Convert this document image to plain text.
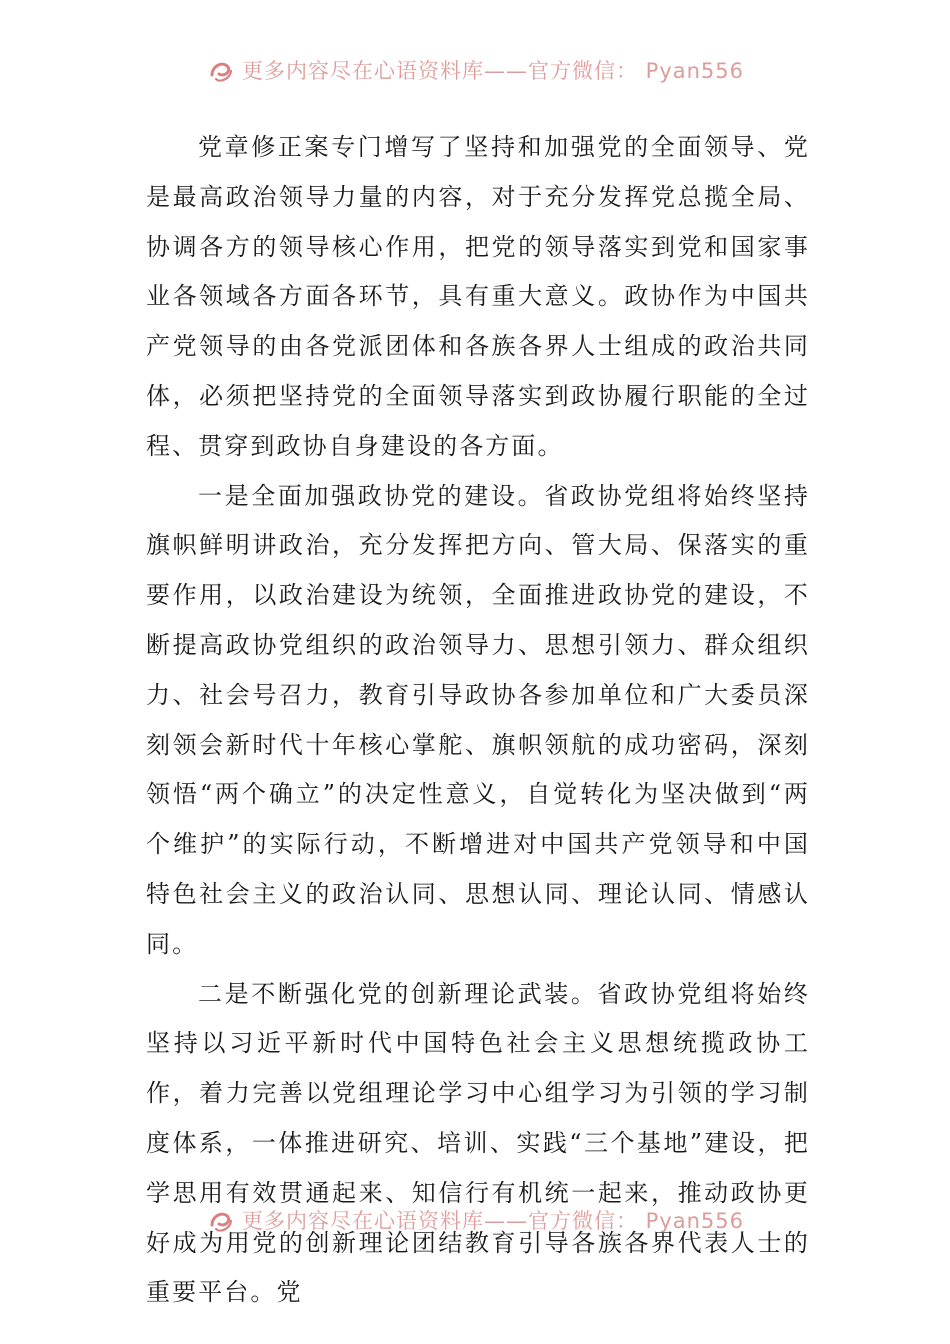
更多内容尽在心语资料库——官方微信： Pyan556

党章修正案专门增写了坚持和加强党的全面领导、党是最高政治领导力量的内容，对于充分发挥党总揽全局、协调各方的领导核心作用，把党的领导落实到党和国家事业各领域各方面各环节，具有重大意义。政协作为中国共产党领导的由各党派团体和各族各界人士组成的政治共同体，必须把坚持党的全面领导落实到政协履行职能的全过程、贯穿到政协自身建设的各方面。

一是全面加强政协党的建设。省政协党组将始终坚持旗帜鲜明讲政治，充分发挥把方向、管大局、保落实的重要作用，以政治建设为统领，全面推进政协党的建设，不断提高政协党组织的政治领导力、思想引领力、群众组织力、社会号召力，教育引导政协各参加单位和广大委员深刻领会新时代十年核心掌舵、旗帜领航的成功密码，深刻领悟“两个确立”的决定性意义，自觉转化为坚决做到“两个维护”的实际行动，不断增进对中国共产党领导和中国特色社会主义的政治认同、思想认同、理论认同、情感认同。

二是不断强化党的创新理论武装。省政协党组将始终坚持以习近平新时代中国特色社会主义思想统揽政协工作，着力完善以党组理论学习中心组学习为引领的学习制度体系，一体推进研究、培训、实践“三个基地”建设，把学思用有效贯通起来、知信行有机统一起来，推动政协更好成为用党的创新理论团结教育引导各族各界代表人士的重要平台。党

更多内容尽在心语资料库——官方微信： Pyan556
